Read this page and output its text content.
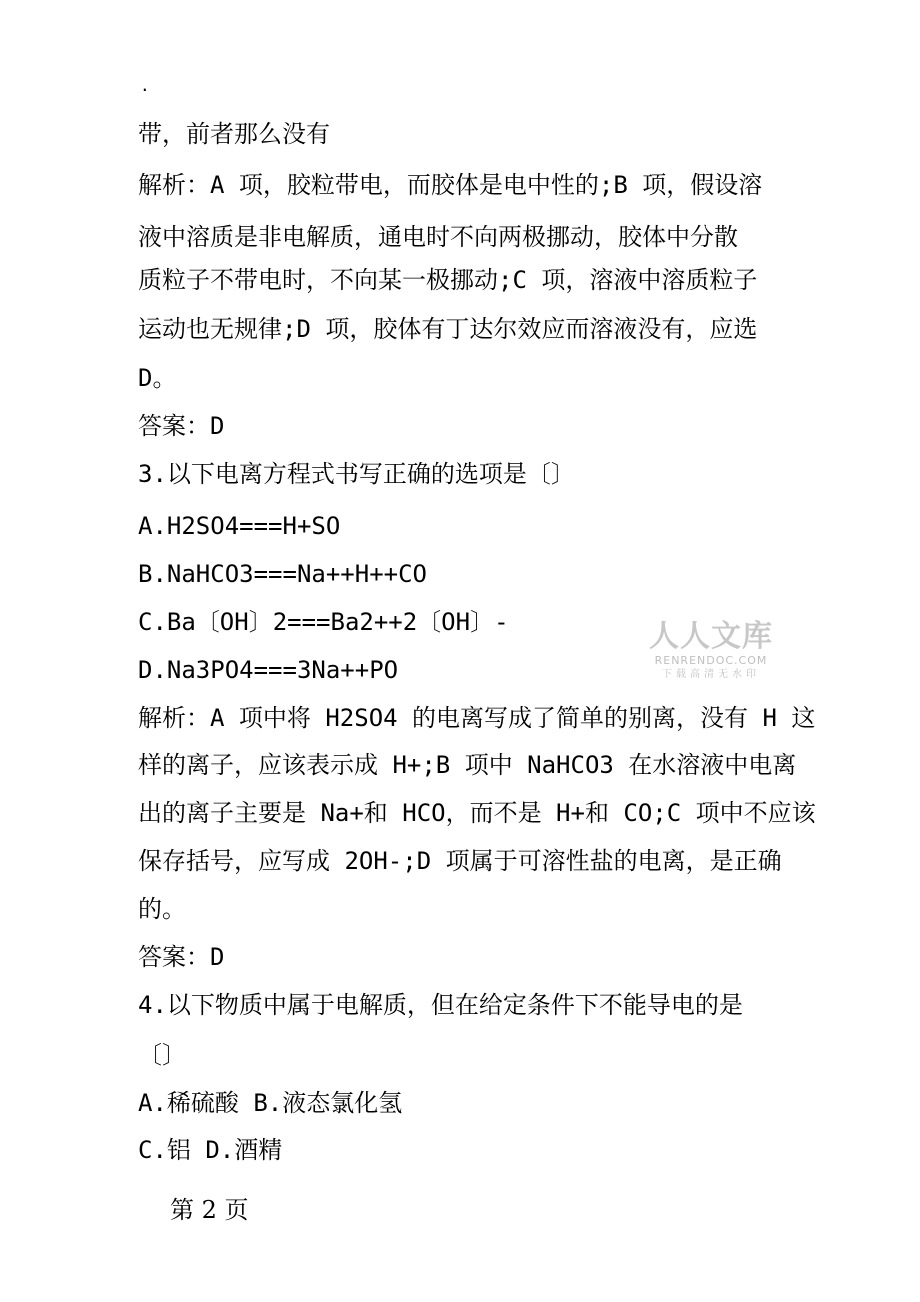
.

带，前者那么没有

解析：A 项，胶粒带电，而胶体是电中性的;B 项，假设溶

液中溶质是非电解质，通电时不向两极挪动，胶体中分散

质粒子不带电时，不向某一极挪动;C 项，溶液中溶质粒子

运动也无规律;D 项，胶体有丁达尔效应而溶液没有，应选

D。

答案：D

3.以下电离方程式书写正确的选项是〔〕

A.H2SO4===H+SO

B.NaHCO3===Na++H++CO

C.Ba〔OH〕2===Ba2++2〔OH〕-

D.Na3PO4===3Na++PO

解析：A 项中将 H2SO4 的电离写成了简单的别离，没有 H 这

样的离子，应该表示成 H+;B 项中 NaHCO3 在水溶液中电离

出的离子主要是 Na+和 HCO，而不是 H+和 CO;C 项中不应该

保存括号，应写成 2OH-;D 项属于可溶性盐的电离，是正确

的。

答案：D

4.以下物质中属于电解质，但在给定条件下不能导电的是

〔〕

A.稀硫酸 B.液态氯化氢

C.铝 D.酒精

第 2 页
人人文库
RENRENDOC.COM
下载高清无水印
